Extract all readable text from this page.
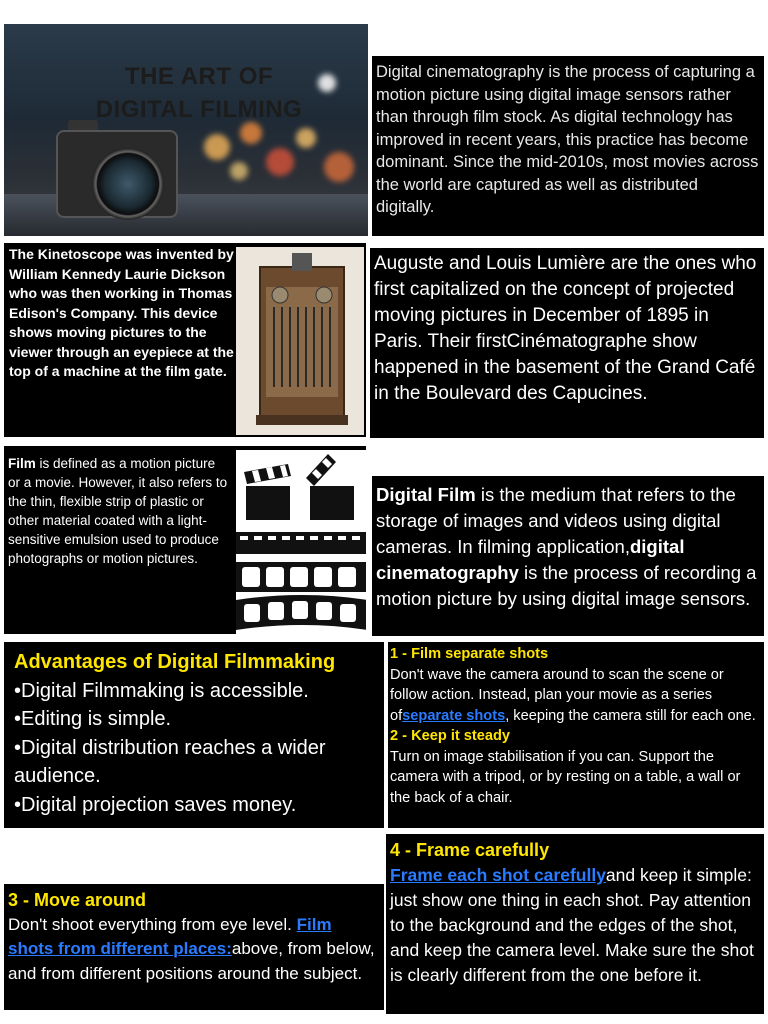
THE ART OF
DIGITAL FILMING
Digital cinematography is the process of capturing a motion picture using digital image sensors rather than through film stock. As digital technology has improved in recent years, this practice has become dominant. Since the mid-2010s, most movies across the world are captured as well as distributed digitally.
The Kinetoscope was invented by William Kennedy Laurie Dickson who was then working in Thomas Edison's Company. This device shows moving pictures to the viewer through an eyepiece at the top of a machine at the film gate.
Auguste and Louis Lumière are the ones who first capitalized on the concept of projected moving pictures in December of 1895 in Paris. Their firstCinématographe show happened in the basement of the Grand Café in the Boulevard des Capucines.
Film is defined as a motion picture or a movie. However, it also refers to the thin, flexible strip of plastic or other material coated with a light-sensitive emulsion used to produce photographs or motion pictures.
Digital Film is the medium that refers to the storage of images and videos using digital cameras. In filming application,digital cinematography is the process of recording a motion picture by using digital image sensors.
Advantages of Digital Filmmaking
•Digital Filmmaking is accessible.
•Editing is simple.
•Digital distribution reaches a wider audience.
•Digital projection saves money.
1 - Film separate shots
Don't wave the camera around to scan the scene or follow action. Instead, plan your movie as a series ofseparate shots, keeping the camera still for each one.
2 - Keep it steady
Turn on image stabilisation if you can. Support the camera with a tripod, or by resting on a table, a wall or the back of a chair.
3 - Move around
Don't shoot everything from eye level. Film shots from different places:above, from below, and from different positions around the subject.
4 - Frame carefully
Frame each shot carefullyand keep it simple: just show one thing in each shot. Pay attention to the background and the edges of the shot, and keep the camera level. Make sure the shot is clearly different from the one before it.
